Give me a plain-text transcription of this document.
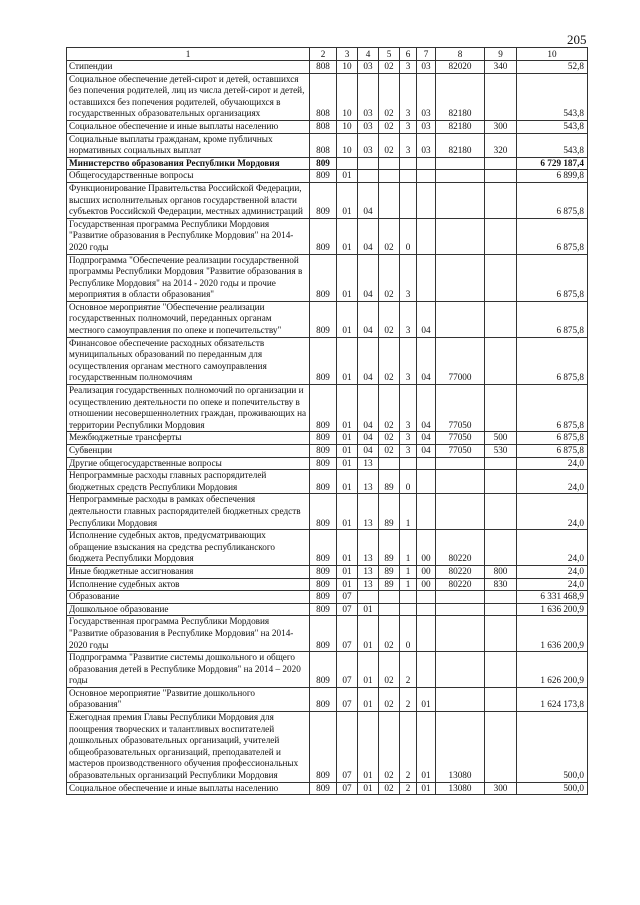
205
1	2	3	4	5	6	7	8	9	10
Стипендии	808	10	03	02	3	03	82020	340	52,8
Социальное обеспечение детей-сирот и детей, оставшихся без попечения родителей, лиц из числа детей-сирот и детей, оставшихся без попечения родителей, обучающихся в государственных образовательных организациях	808	10	03	02	3	03	82180		543,8
Социальное обеспечение и иные выплаты населению	808	10	03	02	3	03	82180	300	543,8
Социальные выплаты гражданам, кроме публичных нормативных социальных выплат	808	10	03	02	3	03	82180	320	543,8
Министерство образования Республики Мордовия	809								6 729 187,4
Общегосударственные вопросы	809	01							6 899,8
Функционирование Правительства Российской Федерации, высших исполнительных органов государственной власти субъектов Российской Федерации, местных администраций	809	01	04						6 875,8
Государственная программа Республики Мордовия "Развитие образования в Республике Мордовия" на 2014-2020 годы	809	01	04	02	0				6 875,8
Подпрограмма "Обеспечение реализации государственной программы Республики Мордовия "Развитие образования в Республике Мордовия" на 2014 - 2020 годы и прочие мероприятия в области образования"	809	01	04	02	3				6 875,8
Основное мероприятие "Обеспечение реализации государственных полномочий, переданных органам местного самоуправления по опеке и попечительству"	809	01	04	02	3	04			6 875,8
Финансовое обеспечение расходных обязательств муниципальных образований по переданным для осуществления органам местного самоуправления государственным полномочиям	809	01	04	02	3	04	77000		6 875,8
Реализация государственных полномочий по организации и осуществлению деятельности по опеке и попечительству в отношении несовершеннолетних граждан, проживающих на территории Республики Мордовия	809	01	04	02	3	04	77050		6 875,8
Межбюджетные трансферты	809	01	04	02	3	04	77050	500	6 875,8
Субвенции	809	01	04	02	3	04	77050	530	6 875,8
Другие общегосударственные вопросы	809	01	13						24,0
Непрограммные расходы главных распорядителей бюджетных средств Республики Мордовия	809	01	13	89	0				24,0
Непрограммные расходы в рамках обеспечения деятельности главных распорядителей бюджетных средств Республики Мордовия	809	01	13	89	1				24,0
Исполнение судебных актов, предусматривающих обращение взыскания на средства республиканского бюджета Республики Мордовия	809	01	13	89	1	00	80220		24,0
Иные бюджетные ассигнования	809	01	13	89	1	00	80220	800	24,0
Исполнение судебных актов	809	01	13	89	1	00	80220	830	24,0
Образование	809	07							6 331 468,9
Дошкольное образование	809	07	01						1 636 200,9
Государственная программа Республики Мордовия "Развитие образования в Республике Мордовия" на 2014-2020 годы	809	07	01	02	0				1 636 200,9
Подпрограмма "Развитие системы дошкольного и общего образования детей в Республике Мордовия" на 2014 – 2020 годы	809	07	01	02	2				1 626 200,9
Основное мероприятие "Развитие дошкольного образования"	809	07	01	02	2	01			1 624 173,8
Ежегодная премия Главы Республики Мордовия для поощрения творческих и талантливых воспитателей дошкольных образовательных организаций, учителей общеобразовательных организаций, преподавателей и мастеров производственного обучения профессиональных образовательных организаций Республики Мордовия	809	07	01	02	2	01	13080		500,0
Социальное обеспечение и иные выплаты населению	809	07	01	02	2	01	13080	300	500,0
